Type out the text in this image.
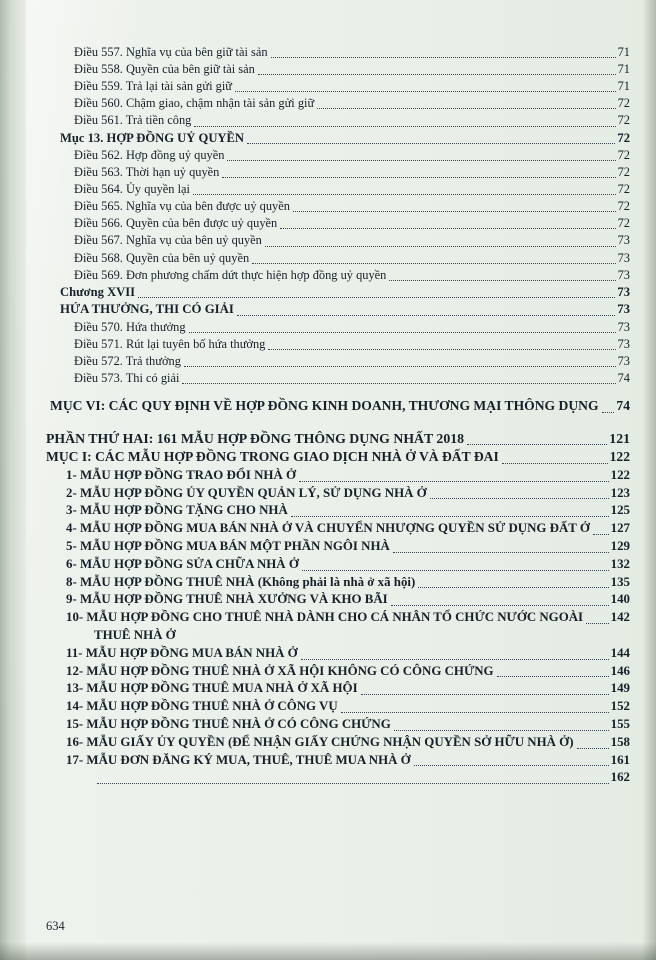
Điều 557. Nghĩa vụ của bên giữ tài sản	71
Điều 558. Quyền của bên giữ tài sản	71
Điều 559. Trả lại tài sản gửi giữ	71
Điều 560. Chậm giao, chậm nhận tài sản gửi giữ	72
Điều 561. Trả tiền công	72
Mục 13. HỢP ĐỒNG UỶ QUYỀN	72
Điều 562. Hợp đồng uỷ quyền	72
Điều 563. Thời hạn uỷ quyền	72
Điều 564. Ủy quyền lại	72
Điều 565. Nghĩa vụ của bên được uỷ quyền	72
Điều 566. Quyền của bên được uỷ quyền	72
Điều 567. Nghĩa vụ của bên uỷ quyền	73
Điều 568. Quyền của bên uỷ quyền	73
Điều 569. Đơn phương chấm dứt thực hiện hợp đồng uỷ quyền	73
Chương XVII	73
HỨA THƯỞNG, THI CÓ GIẢI	73
Điều 570. Hứa thưởng	73
Điều 571. Rút lại tuyên bố hứa thưởng	73
Điều 572. Trả thưởng	73
Điều 573. Thi có giải	74
MỤC VI: CÁC QUY ĐỊNH VỀ HỢP ĐỒNG KINH DOANH, THƯƠNG MẠI THÔNG DỤNG 74
PHẦN THỨ HAI: 161 MẪU HỢP ĐỒNG THÔNG DỤNG NHẤT 2018	121
MỤC I: CÁC MẪU HỢP ĐỒNG TRONG GIAO DỊCH NHÀ Ở VÀ ĐẤT ĐAI	122
1- MẪU HỢP ĐỒNG TRAO ĐỔI NHÀ Ở	122
2- MẪU HỢP ĐỒNG ỦY QUYỀN QUẢN LÝ, SỬ DỤNG NHÀ Ở	123
3- MẪU HỢP ĐỒNG TẶNG CHO NHÀ	125
4- MẪU HỢP ĐỒNG MUA BÁN NHÀ Ở VÀ CHUYỂN NHƯỢNG QUYỀN SỬ DỤNG ĐẤT Ở 127
5- MẪU HỢP ĐỒNG MUA BÁN MỘT PHẦN NGÔI NHÀ	129
6- MẪU HỢP ĐỒNG SỬA CHỮA NHÀ Ở	132
8- MẪU HỢP ĐỒNG THUÊ NHÀ (Không phải là nhà ở xã hội)	135
9- MẪU HỢP ĐỒNG THUÊ NHÀ XƯỞNG VÀ KHO BÃI	140
10- MẪU HỢP ĐỒNG CHO THUÊ NHÀ DÀNH CHO CÁ NHÂN TỔ CHỨC NƯỚC NGOÀI 142
THUÊ NHÀ Ở
11- MẪU HỢP ĐỒNG MUA BÁN NHÀ Ở	144
12- MẪU HỢP ĐỒNG THUÊ NHÀ Ở XÃ HỘI KHÔNG CÓ CÔNG CHỨNG	146
13- MẪU HỢP ĐỒNG THUÊ MUA NHÀ Ở XÃ HỘI	149
14- MẪU HỢP ĐỒNG THUÊ NHÀ Ở CÔNG VỤ	152
15- MẪU HỢP ĐỒNG THUÊ NHÀ Ở CÓ CÔNG CHỨNG	155
16- MẪU GIẤY ỦY QUYỀN (ĐỂ NHẬN GIẤY CHỨNG NHẬN QUYỀN SỞ HỮU NHÀ Ở)	158
17- MẪU ĐƠN ĐĂNG KÝ MUA, THUÊ, THUÊ MUA NHÀ Ở	161
162
634
